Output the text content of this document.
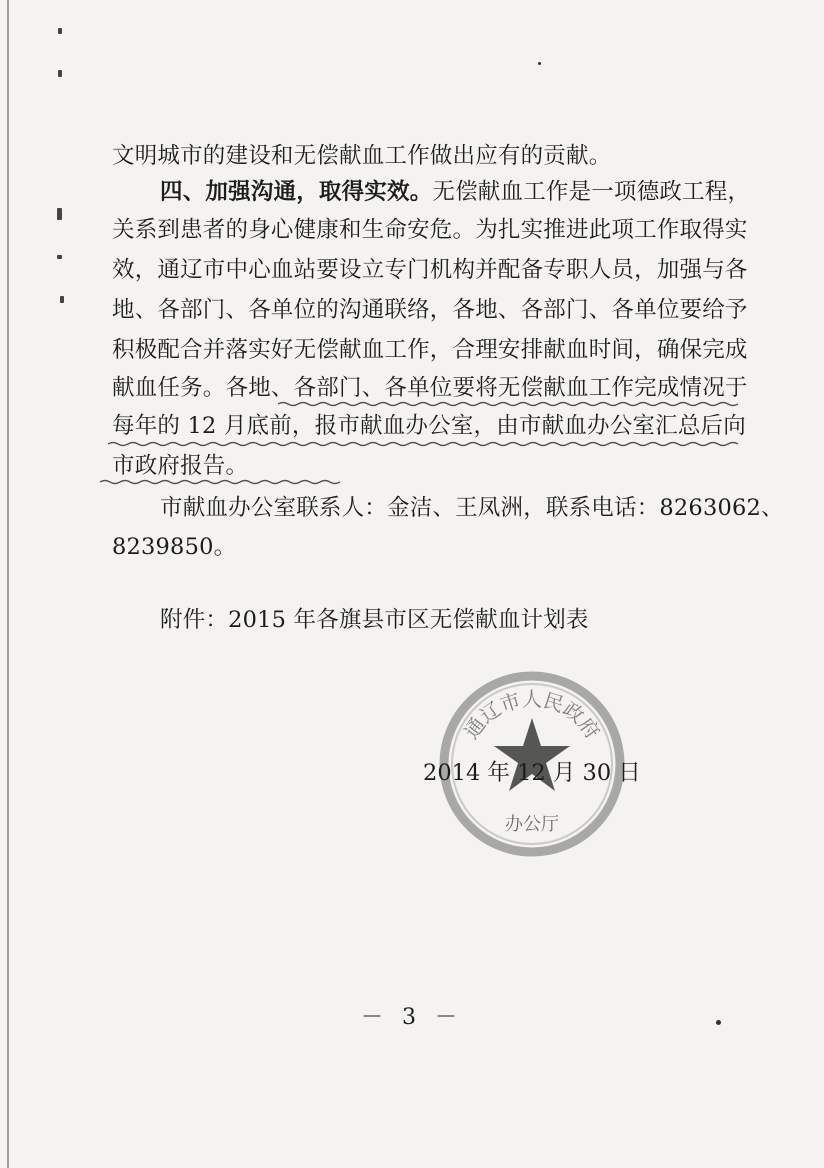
文明城市的建设和无偿献血工作做出应有的贡献。
四、加强沟通，取得实效。无偿献血工作是一项德政工程，
关系到患者的身心健康和生命安危。为扎实推进此项工作取得实
效，通辽市中心血站要设立专门机构并配备专职人员，加强与各
地、各部门、各单位的沟通联络，各地、各部门、各单位要给予
积极配合并落实好无偿献血工作，合理安排献血时间，确保完成
献血任务。各地、各部门、各单位要将无偿献血工作完成情况于
每年的 12 月底前，报市献血办公室，由市献血办公室汇总后向
市政府报告。
市献血办公室联系人：金洁、王凤洲，联系电话：8263062、
8239850。
附件：2015 年各旗县市区无偿献血计划表
通辽市人民政府
办公厅
2014 年 12 月 30 日
－ 3 －
